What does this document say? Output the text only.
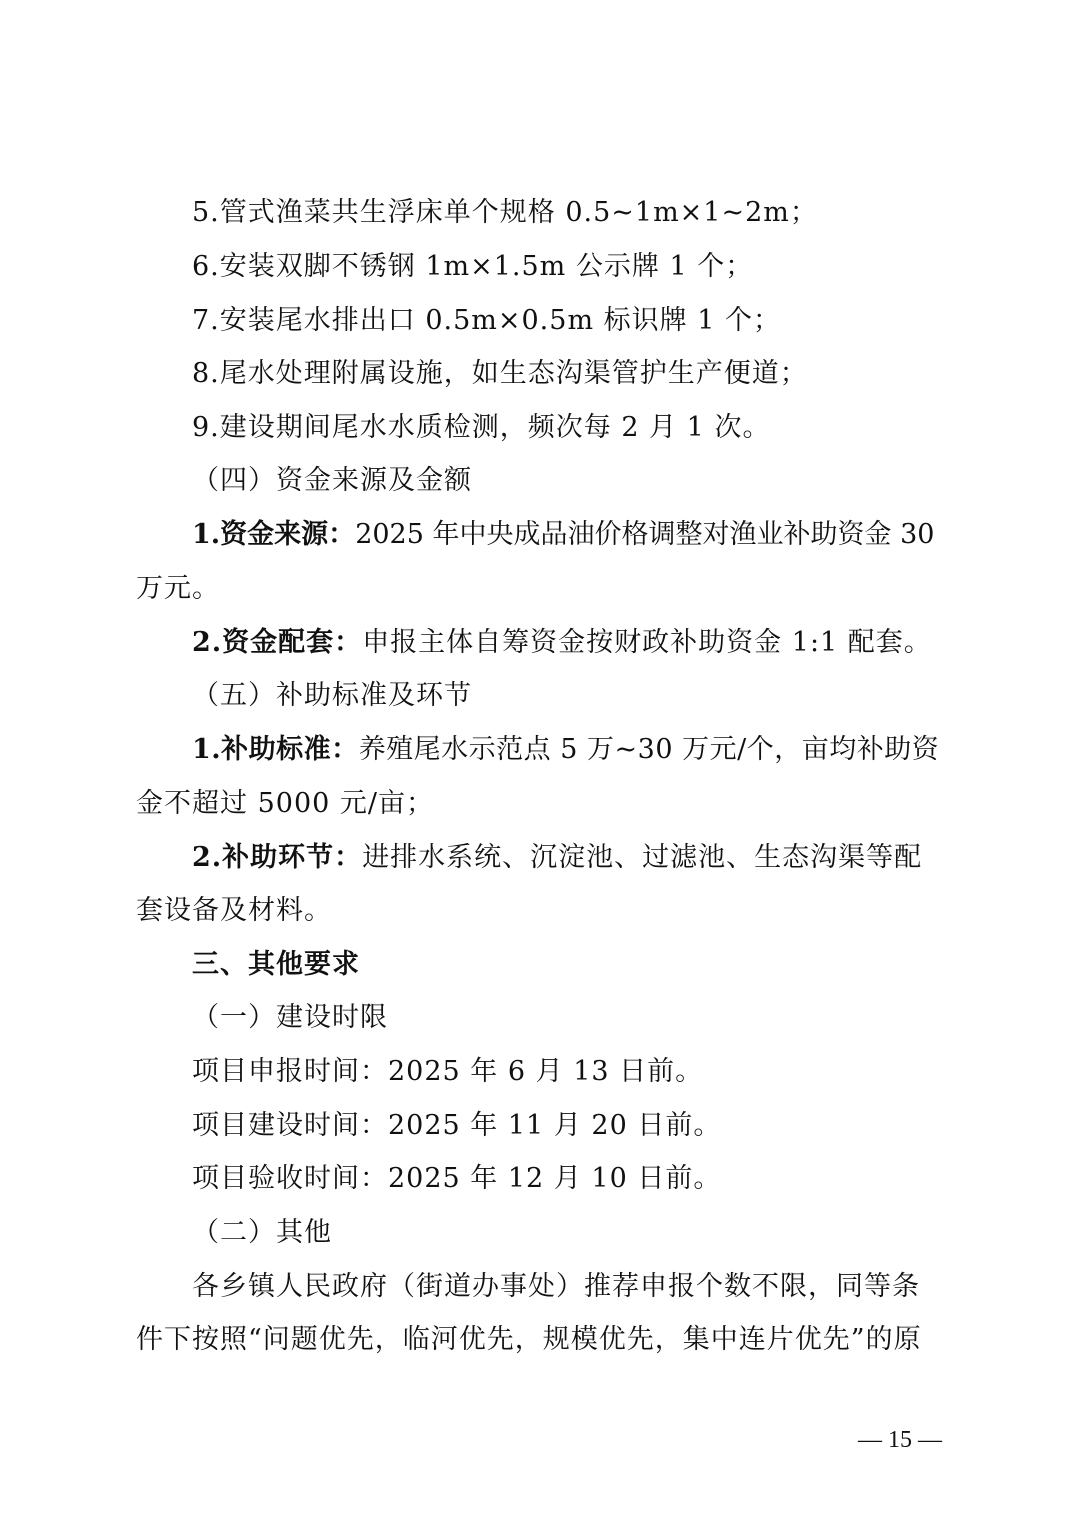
5.管式渔菜共生浮床单个规格 0.5~1m×1~2m；
6.安装双脚不锈钢 1m×1.5m 公示牌 1 个；
7.安装尾水排出口 0.5m×0.5m 标识牌 1 个；
8.尾水处理附属设施，如生态沟渠管护生产便道；
9.建设期间尾水水质检测，频次每 2 月 1 次。
（四）资金来源及金额
1.资金来源：2025 年中央成品油价格调整对渔业补助资金 30
万元。
2.资金配套：申报主体自筹资金按财政补助资金 1:1 配套。
（五）补助标准及环节
1.补助标准：养殖尾水示范点 5 万~30 万元/个，亩均补助资
金不超过 5000 元/亩；
2.补助环节：进排水系统、沉淀池、过滤池、生态沟渠等配
套设备及材料。
三、其他要求
（一）建设时限
项目申报时间：2025 年 6 月 13 日前。
项目建设时间：2025 年 11 月 20 日前。
项目验收时间：2025 年 12 月 10 日前。
（二）其他
各乡镇人民政府（街道办事处）推荐申报个数不限，同等条
件下按照“问题优先，临河优先，规模优先，集中连片优先”的原
— 15 —
